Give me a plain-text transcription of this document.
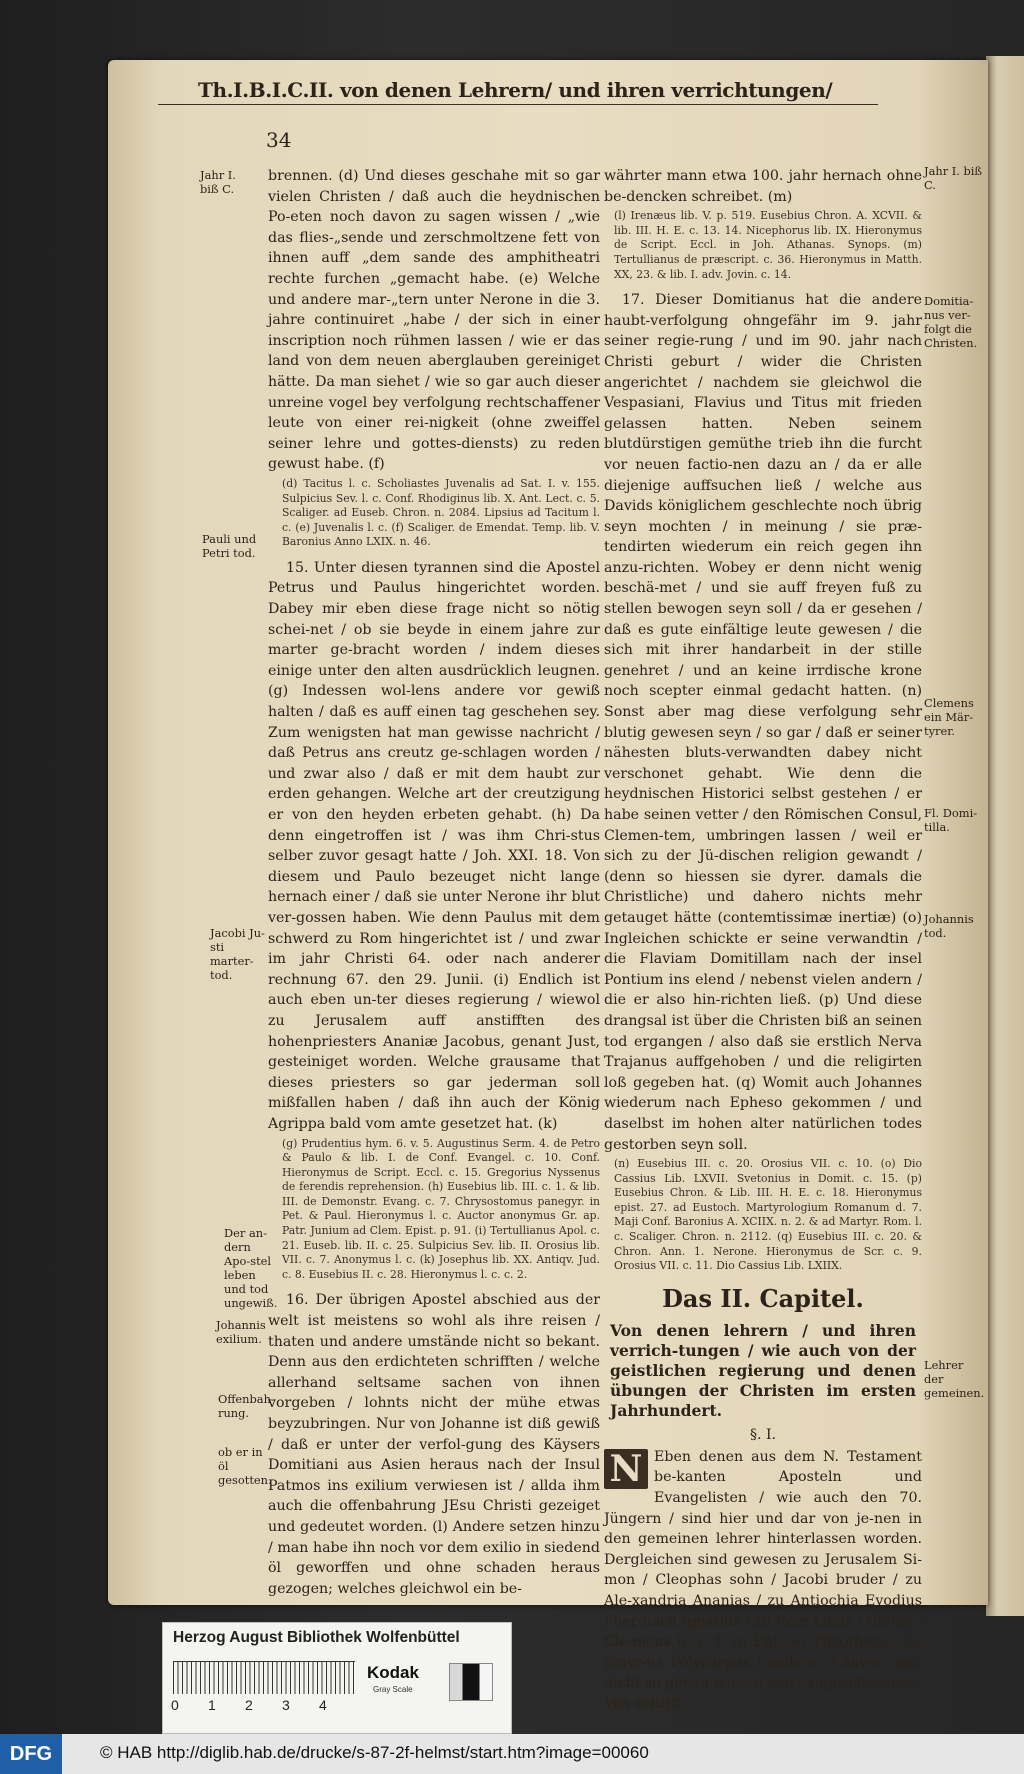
Th.I.B.I.C.II. von denen Lehrern/ und ihren verrichtungen/
34
Jahr I. biß C.
Pauli und Petri tod.
Jacobi Ju-sti marter-tod.
Der an-dern Apo-stel leben und tod ungewiß.
Johannis exilium.
Offenbah-rung.
ob er in öl gesotten.
Jahr I. biß C.
Domitia-nus ver-folgt die Christen.
Clemens ein Mär-tyrer.
Fl. Domi-tilla.
Johannis tod.
Lehrer der gemeinen.

brennen. (d) Und dieses geschahe mit so gar vielen Christen / daß auch die heydnischen Po-eten noch davon zu sagen wissen / „wie das flies-„sende und zerschmoltzene fett von ihnen auff „dem sande des amphitheatri rechte furchen „gemacht habe. (e) Welche und andere mar-„tern unter Nerone in die 3. jahre continuiret „habe / der sich in einer inscription noch rühmen lassen / wie er das land von dem neuen aberglauben gereiniget hätte. Da man siehet / wie so gar auch dieser unreine vogel bey verfolgung rechtschaffener leute von einer rei-nigkeit (ohne zweiffel seiner lehre und gottes-diensts) zu reden gewust habe. (f)

(d) Tacitus l. c. Scholiastes Juvenalis ad Sat. I. v. 155. Sulpicius Sev. l. c. Conf. Rhodiginus lib. X. Ant. Lect. c. 5. Scaliger. ad Euseb. Chron. n. 2084. Lipsius ad Tacitum l. c. (e) Juvenalis l. c. (f) Scaliger. de Emendat. Temp. lib. V. Baronius Anno LXIX. n. 46.

15. Unter diesen tyrannen sind die Apostel Petrus und Paulus hingerichtet worden. Dabey mir eben diese frage nicht so nötig schei-net / ob sie beyde in einem jahre zur marter ge-bracht worden / indem dieses einige unter den alten ausdrücklich leugnen. (g) Indessen wol-lens andere vor gewiß halten / daß es auff einen tag geschehen sey. Zum wenigsten hat man gewisse nachricht / daß Petrus ans creutz ge-schlagen worden / und zwar also / daß er mit dem haubt zur erden gehangen. Welche art der creutzigung er von den heyden erbeten gehabt. (h) Da denn eingetroffen ist / was ihm Chri-stus selber zuvor gesagt hatte / Joh. XXI. 18. Von diesem und Paulo bezeuget nicht lange hernach einer / daß sie unter Nerone ihr blut ver-gossen haben. Wie denn Paulus mit dem schwerd zu Rom hingerichtet ist / und zwar im jahr Christi 64. oder nach anderer rechnung 67. den 29. Junii. (i) Endlich ist auch eben un-ter dieses regierung / wiewol zu Jerusalem auff anstifften des hohenpriesters Ananiæ Jacobus, genant Just, gesteiniget worden. Welche grausame that dieses priesters so gar jederman soll mißfallen haben / daß ihn auch der König Agrippa bald vom amte gesetzet hat. (k)

(g) Prudentius hym. 6. v. 5. Augustinus Serm. 4. de Petro & Paulo & lib. I. de Conf. Evangel. c. 10. Conf. Hieronymus de Script. Eccl. c. 15. Gregorius Nyssenus de ferendis reprehension. (h) Eusebius lib. III. c. 1. & lib. III. de Demonstr. Evang. c. 7. Chrysostomus panegyr. in Pet. & Paul. Hieronymus l. c. Auctor anonymus Gr. ap. Patr. Junium ad Clem. Epist. p. 91. (i) Tertullianus Apol. c. 21. Euseb. lib. II. c. 25. Sulpicius Sev. lib. II. Orosius lib. VII. c. 7. Anonymus l. c. (k) Josephus lib. XX. Antiqv. Jud. c. 8. Eusebius II. c. 28. Hieronymus l. c. c. 2.

16. Der übrigen Apostel abschied aus der welt ist meistens so wohl als ihre reisen / thaten und andere umstände nicht so bekant. Denn aus den erdichteten schrifften / welche allerhand seltsame sachen von ihnen vorgeben / lohnts nicht der mühe etwas beyzubringen. Nur von Johanne ist diß gewiß / daß er unter der verfol-gung des Käysers Domitiani aus Asien heraus nach der Insul Patmos ins exilium verwiesen ist / allda ihm auch die offenbahrung JEsu Christi gezeiget und gedeutet worden. (l) Andere setzen hinzu / man habe ihn noch vor dem exilio in siedend öl geworffen und ohne schaden heraus gezogen; welches gleichwol ein be-

währter mann etwa 100. jahr hernach ohne be-dencken schreibet. (m)

(l) Irenæus lib. V. p. 519. Eusebius Chron. A. XCVII. & lib. III. H. E. c. 13. 14. Nicephorus lib. IX. Hieronymus de Script. Eccl. in Joh. Athanas. Synops. (m) Tertullianus de præscript. c. 36. Hieronymus in Matth. XX, 23. & lib. I. adv. Jovin. c. 14.

17. Dieser Domitianus hat die andere haubt-verfolgung ohngefähr im 9. jahr seiner regie-rung / und im 90. jahr nach Christi geburt / wider die Christen angerichtet / nachdem sie gleichwol die Vespasiani, Flavius und Titus mit frieden gelassen hatten. Neben seinem blutdürstigen gemüthe trieb ihn die furcht vor neuen factio-nen dazu an / da er alle diejenige auffsuchen ließ / welche aus Davids königlichem geschlechte noch übrig seyn mochten / in meinung / sie præ-tendirten wiederum ein reich gegen ihn anzu-richten. Wobey er denn nicht wenig beschä-met / und sie auff freyen fuß zu stellen bewogen seyn soll / da er gesehen / daß es gute einfältige leute gewesen / die sich mit ihrer handarbeit in der stille genehret / und an keine irrdische krone noch scepter einmal gedacht hatten. (n) Sonst aber mag diese verfolgung sehr blutig gewesen seyn / so gar / daß er seiner nähesten bluts-verwandten dabey nicht verschonet gehabt. Wie denn die heydnischen Historici selbst gestehen / er habe seinen vetter / den Römischen Consul, Clemen-tem, umbringen lassen / weil er sich zu der Jü-dischen religion gewandt / (denn so hiessen sie dyrer. damals die Christliche) und dahero nichts mehr getauget hätte (contemtissimæ inertiæ) (o) Ingleichen schickte er seine verwandtin / die Flaviam Domitillam nach der insel Pontium ins elend / nebenst vielen andern / die er also hin-richten ließ. (p) Und diese drangsal ist über die Christen biß an seinen tod ergangen / also daß sie erstlich Nerva Trajanus auffgehoben / und die religirten loß gegeben hat. (q) Womit auch Johannes wiederum nach Epheso gekommen / und daselbst im hohen alter natürlichen todes gestorben seyn soll.

(n) Eusebius III. c. 20. Orosius VII. c. 10. (o) Dio Cassius Lib. LXVII. Svetonius in Domit. c. 15. (p) Eusebius Chron. & Lib. III. H. E. c. 18. Hieronymus epist. 27. ad Eustoch. Martyrologium Romanum d. 7. Maji Conf. Baronius A. XCIIX. n. 2. & ad Martyr. Rom. l. c. Scaliger. Chron. n. 2112. (q) Eusebius III. c. 20. & Chron. Ann. 1. Nerone. Hieronymus de Scr. c. 9. Orosius VII. c. 11. Dio Cassius Lib. LXIIX.

Das II. Capitel.
Von denen lehrern / und ihren verrich-tungen / wie auch von der geistlichen regierung und denen übungen der Christen im ersten Jahrhundert.
§. I.
N Eben denen aus dem N. Testament be-kanten Aposteln und Evangelisten / wie auch den 70. Jüngern / sind hier und dar von je-nen in den gemeinen lehrer hinterlassen worden. Dergleichen sind gewesen zu Jerusalem Si-mon / Cleophas sohn / Jacobi bruder / zu Ale-xandria Ananias / zu Antiochia Evodius / her-nach Ignatius / zu Rom Linus / Cletus / Cle-mens u. s. f. zu Epheso Timotheus / zu Smyr-na Polycarpus / anderer / davon man nicht so genau wissen kan / zugeschweigen. Von schriff-

Herzog August Bibliothek Wolfenbüttel
0 1 2 3 4
Kodak
Gray Scale
DFG	© HAB http://diglib.hab.de/drucke/s-87-2f-helmst/start.htm?image=00060
